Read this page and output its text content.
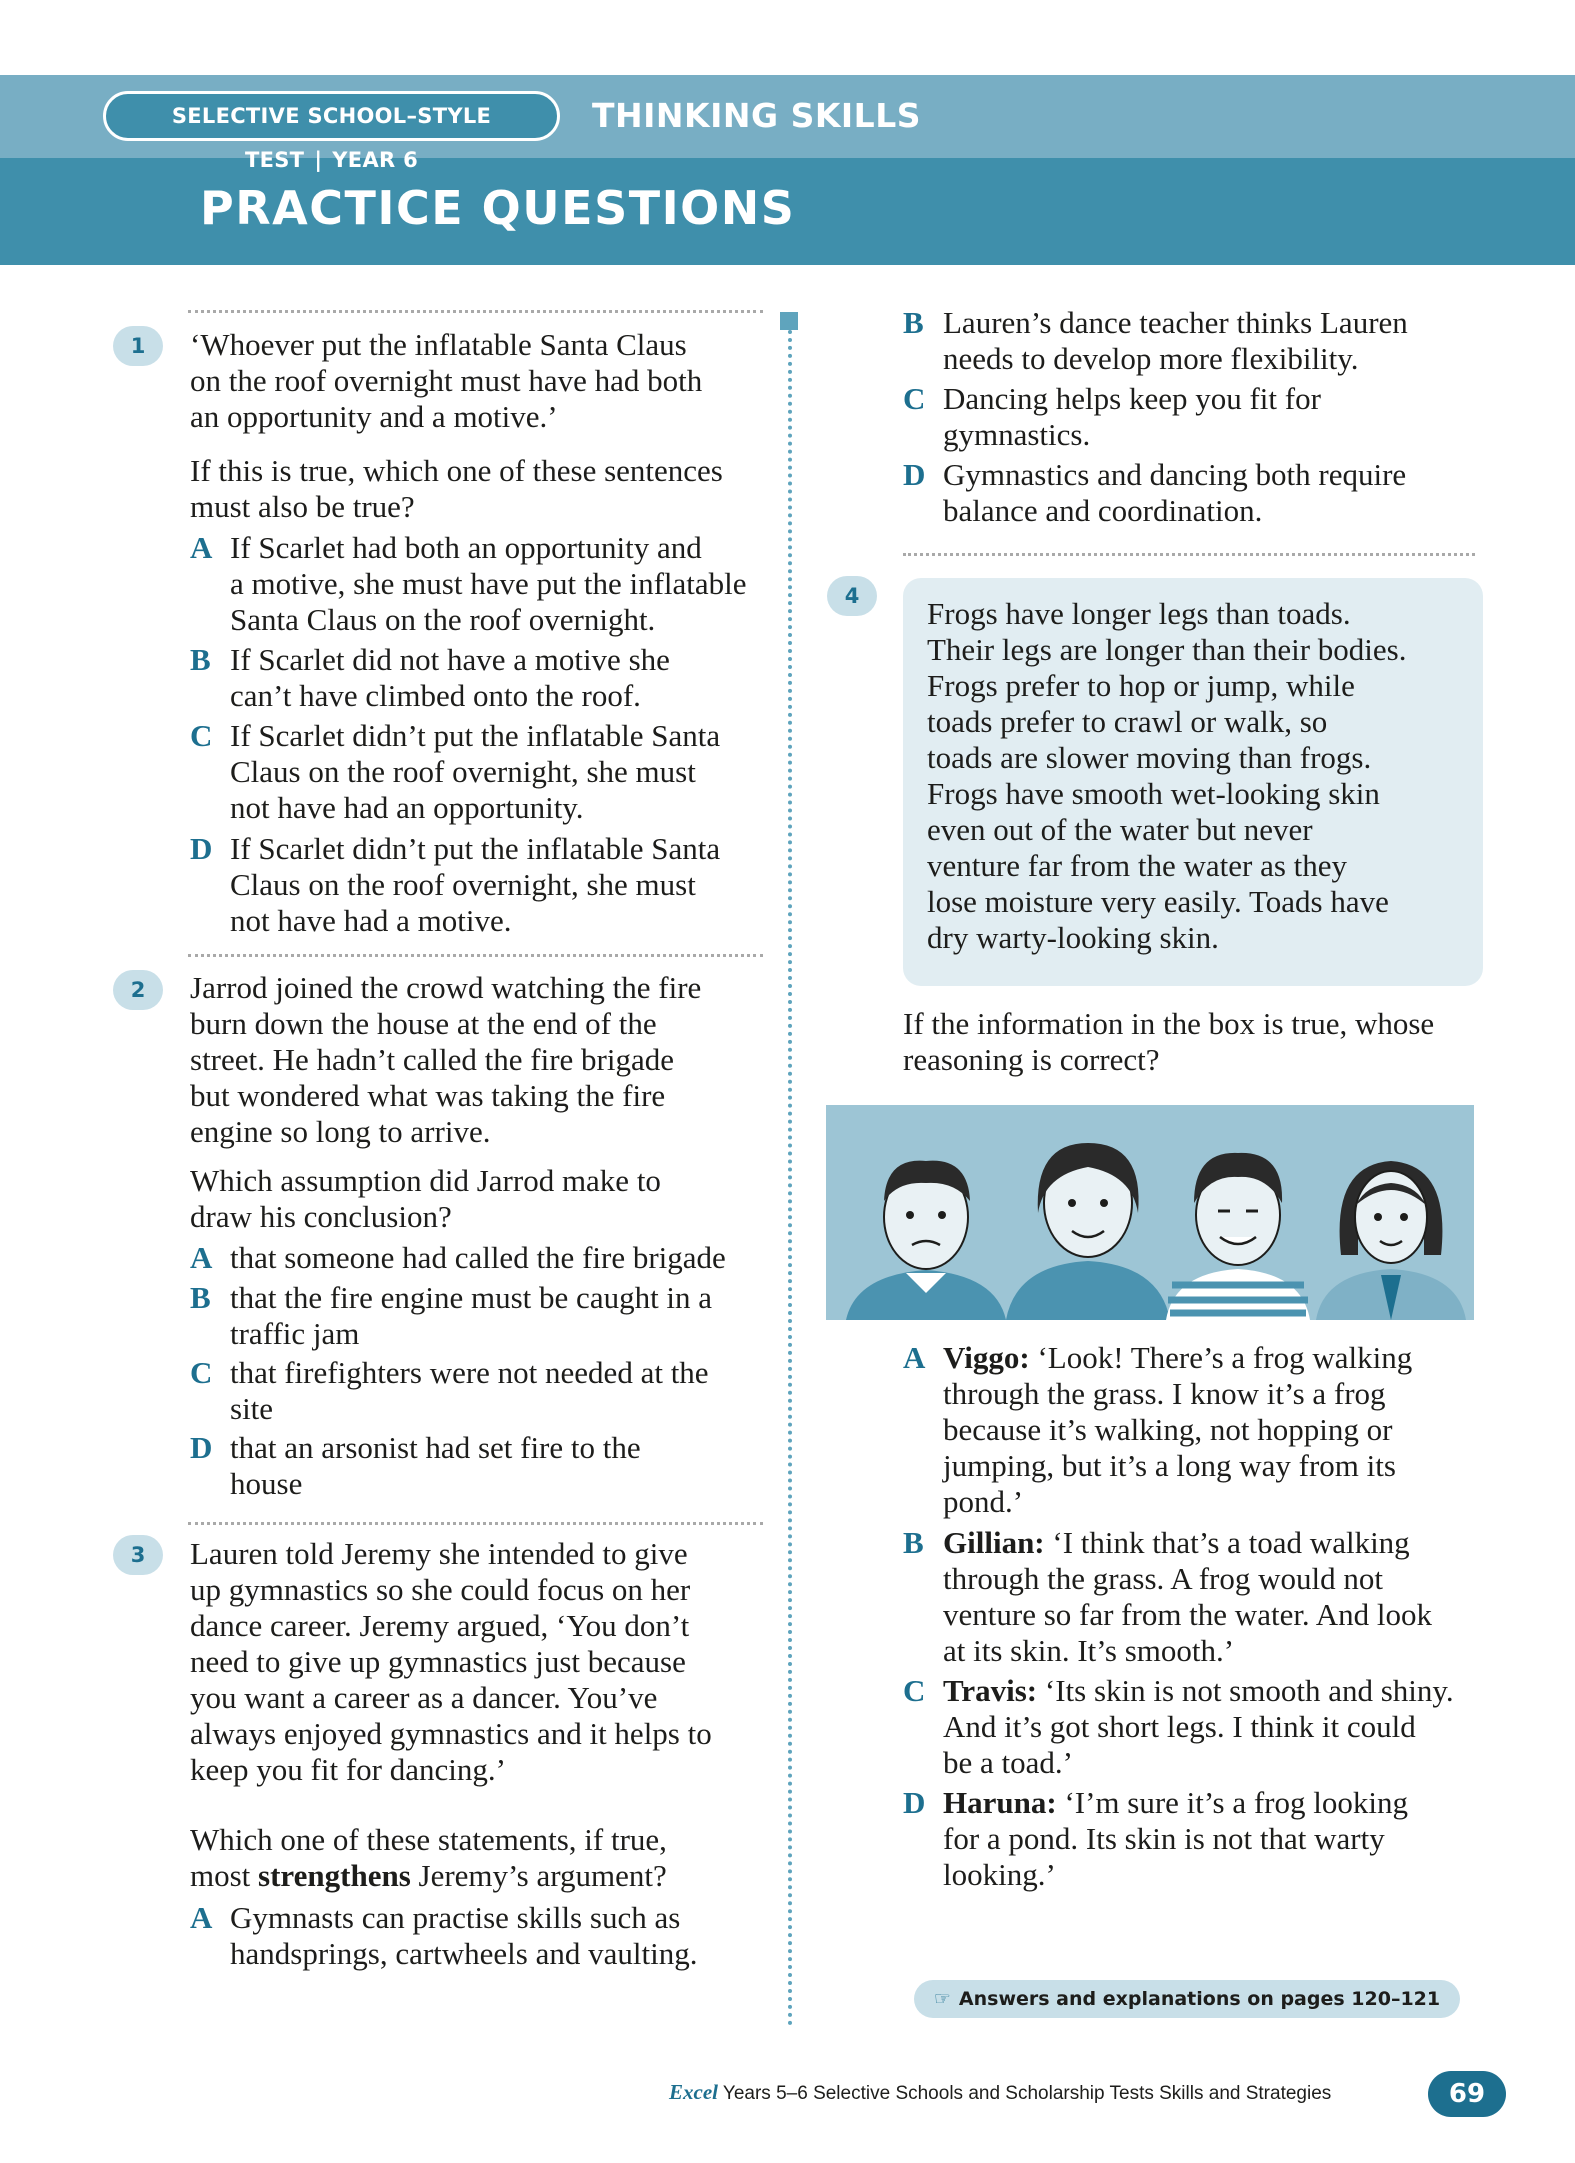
SELECTIVE SCHOOL–STYLE TEST | YEAR 6
THINKING SKILLS
PRACTICE QUESTIONS
1	‘Whoever put the inflatable Santa Claus
on the roof overnight must have had both
an opportunity and a motive.’
If this is true, which one of these sentences
must also be true?
A If Scarlet had both an opportunity and
a motive, she must have put the inflatable
Santa Claus on the roof overnight.
B If Scarlet did not have a motive she
can’t have climbed onto the roof.
C If Scarlet didn’t put the inflatable Santa
Claus on the roof overnight, she must
not have had an opportunity.
D If Scarlet didn’t put the inflatable Santa
Claus on the roof overnight, she must
not have had a motive.
2	Jarrod joined the crowd watching the fire
burn down the house at the end of the
street. He hadn’t called the fire brigade
but wondered what was taking the fire
engine so long to arrive.
Which assumption did Jarrod make to
draw his conclusion?
A that someone had called the fire brigade
B that the fire engine must be caught in a
traffic jam
C that firefighters were not needed at the
site
D that an arsonist had set fire to the
house
3	Lauren told Jeremy she intended to give
up gymnastics so she could focus on her
dance career. Jeremy argued, ‘You don’t
need to give up gymnastics just because
you want a career as a dancer. You’ve
always enjoyed gymnastics and it helps to
keep you fit for dancing.’
Which one of these statements, if true,
most strengthens Jeremy’s argument?
A Gymnasts can practise skills such as
handsprings, cartwheels and vaulting.
B Lauren’s dance teacher thinks Lauren
needs to develop more flexibility.
C Dancing helps keep you fit for
gymnastics.
D Gymnastics and dancing both require
balance and coordination.
4	Frogs have longer legs than toads.
Their legs are longer than their bodies.
Frogs prefer to hop or jump, while
toads prefer to crawl or walk, so
toads are slower moving than frogs.
Frogs have smooth wet-looking skin
even out of the water but never
venture far from the water as they
lose moisture very easily. Toads have
dry warty-looking skin.
If the information in the box is true, whose
reasoning is correct?
A Viggo: ‘Look! There’s a frog walking
through the grass. I know it’s a frog
because it’s walking, not hopping or
jumping, but it’s a long way from its
pond.’
B Gillian: ‘I think that’s a toad walking
through the grass. A frog would not
venture so far from the water. And look
at its skin. It’s smooth.’
C Travis: ‘Its skin is not smooth and shiny.
And it’s got short legs. I think it could
be a toad.’
D Haruna: ‘I’m sure it’s a frog looking
for a pond. Its skin is not that warty
looking.’
☞ Answers and explanations on pages 120–121
Excel Years 5–6 Selective Schools and Scholarship Tests Skills and Strategies	69
